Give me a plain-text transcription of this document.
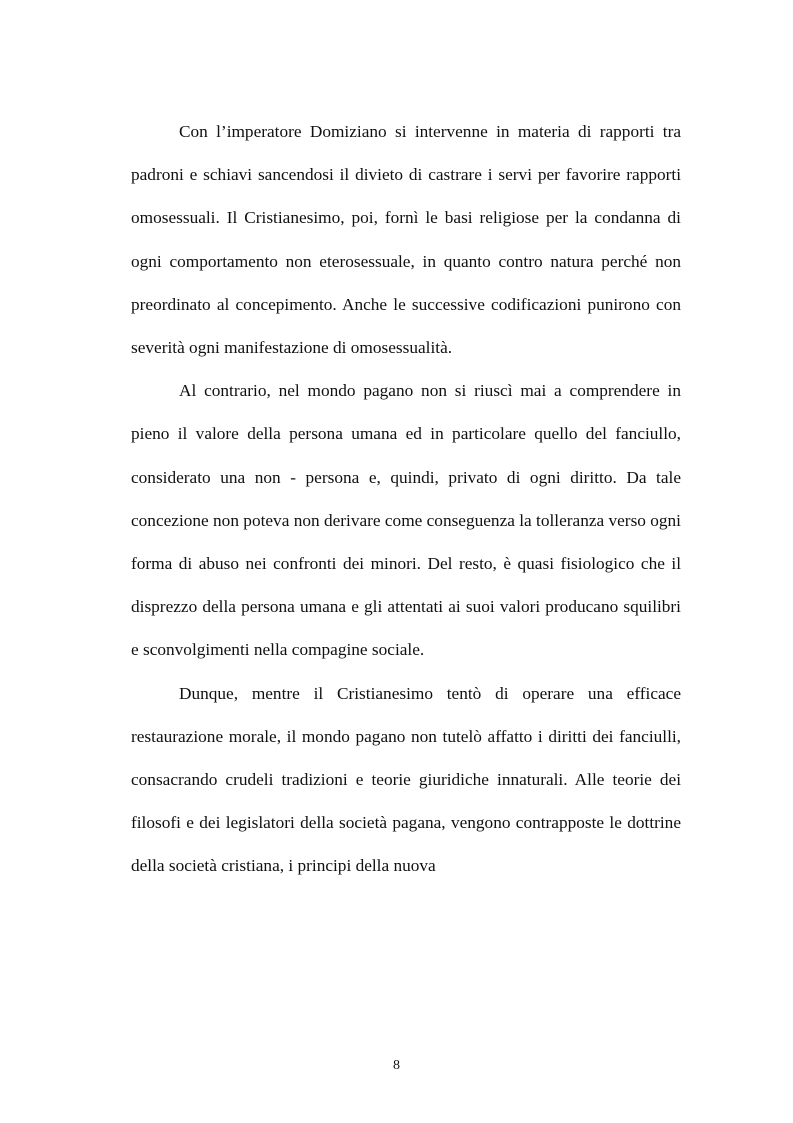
Con l’imperatore Domiziano si intervenne in materia di rapporti tra padroni e schiavi sancendosi il divieto di castrare i servi per favorire rapporti omosessuali. Il Cristianesimo, poi, fornì le basi religiose per la condanna di ogni comportamento non eterosessuale, in quanto contro natura perché non preordinato al concepimento. Anche le successive codificazioni punirono con severità ogni manifestazione di omosessualità.

Al contrario, nel mondo pagano non si riuscì mai a comprendere in pieno il valore della persona umana ed in particolare quello del fanciullo, considerato una non - persona e, quindi, privato di ogni diritto. Da tale concezione non poteva non derivare come conseguenza la tolleranza verso ogni forma di abuso nei confronti dei minori. Del resto, è quasi fisiologico che il disprezzo della persona umana e gli attentati ai suoi valori producano squilibri e sconvolgimenti nella compagine sociale.

Dunque, mentre il Cristianesimo tentò di operare una efficace restaurazione morale, il mondo pagano non tutelò affatto i diritti dei fanciulli, consacrando crudeli tradizioni e teorie giuridiche innaturali. Alle teorie dei filosofi e dei legislatori della società pagana, vengono contrapposte le dottrine della società cristiana, i principi della nuova

8
